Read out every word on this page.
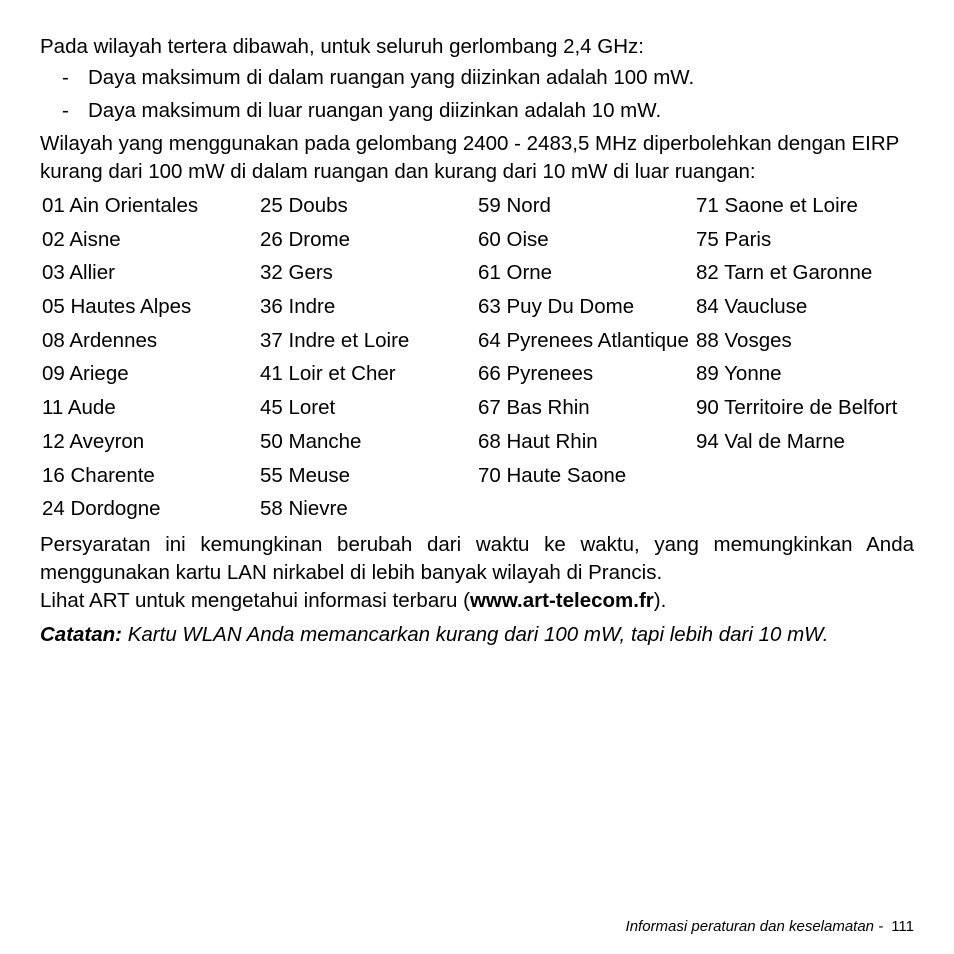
Pada wilayah tertera dibawah, untuk seluruh gerlombang 2,4 GHz:

- Daya maksimum di dalam ruangan yang diizinkan adalah 100 mW.
- Daya maksimum di luar ruangan yang diizinkan adalah 10 mW.

Wilayah yang menggunakan pada gelombang 2400 - 2483,5 MHz diperbolehkan dengan EIRP kurang dari 100 mW di dalam ruangan dan kurang dari 10 mW di luar ruangan:

01 Ain Orientales
02 Aisne
03 Allier
05 Hautes Alpes
08 Ardennes
09 Ariege
11 Aude
12 Aveyron
16 Charente
24 Dordogne
25 Doubs
26 Drome
32 Gers
36 Indre
37 Indre et Loire
41 Loir et Cher
45 Loret
50 Manche
55 Meuse
58 Nievre
59 Nord
60 Oise
61 Orne
63 Puy Du Dome
64 Pyrenees Atlantique
66 Pyrenees
67 Bas Rhin
68 Haut Rhin
70 Haute Saone
71 Saone et Loire
75 Paris
82 Tarn et Garonne
84 Vaucluse
88 Vosges
89 Yonne
90 Territoire de Belfort
94 Val de Marne

Persyaratan ini kemungkinan berubah dari waktu ke waktu, yang memungkinkan Anda menggunakan kartu LAN nirkabel di lebih banyak wilayah di Prancis.

Lihat ART untuk mengetahui informasi terbaru (www.art-telecom.fr).

Catatan: Kartu WLAN Anda memancarkan kurang dari 100 mW, tapi lebih dari 10 mW.

Informasi peraturan dan keselamatan - 111
